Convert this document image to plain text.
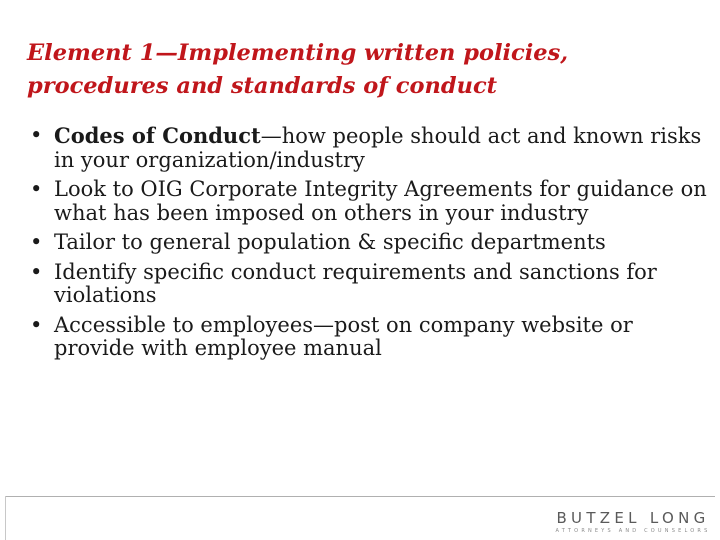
Element 1—Implementing written policies,
procedures and standards of conduct
• Codes of Conduct—how people should act and known risks in your organization/industry
• Look to OIG Corporate Integrity Agreements for guidance on what has been imposed on others in your industry
• Tailor to general population & specific departments
• Identify specific conduct requirements and sanctions for violations
• Accessible to employees—post on company website or provide with employee manual
BUTZEL LONG
ATTORNEYS AND COUNSELORS
